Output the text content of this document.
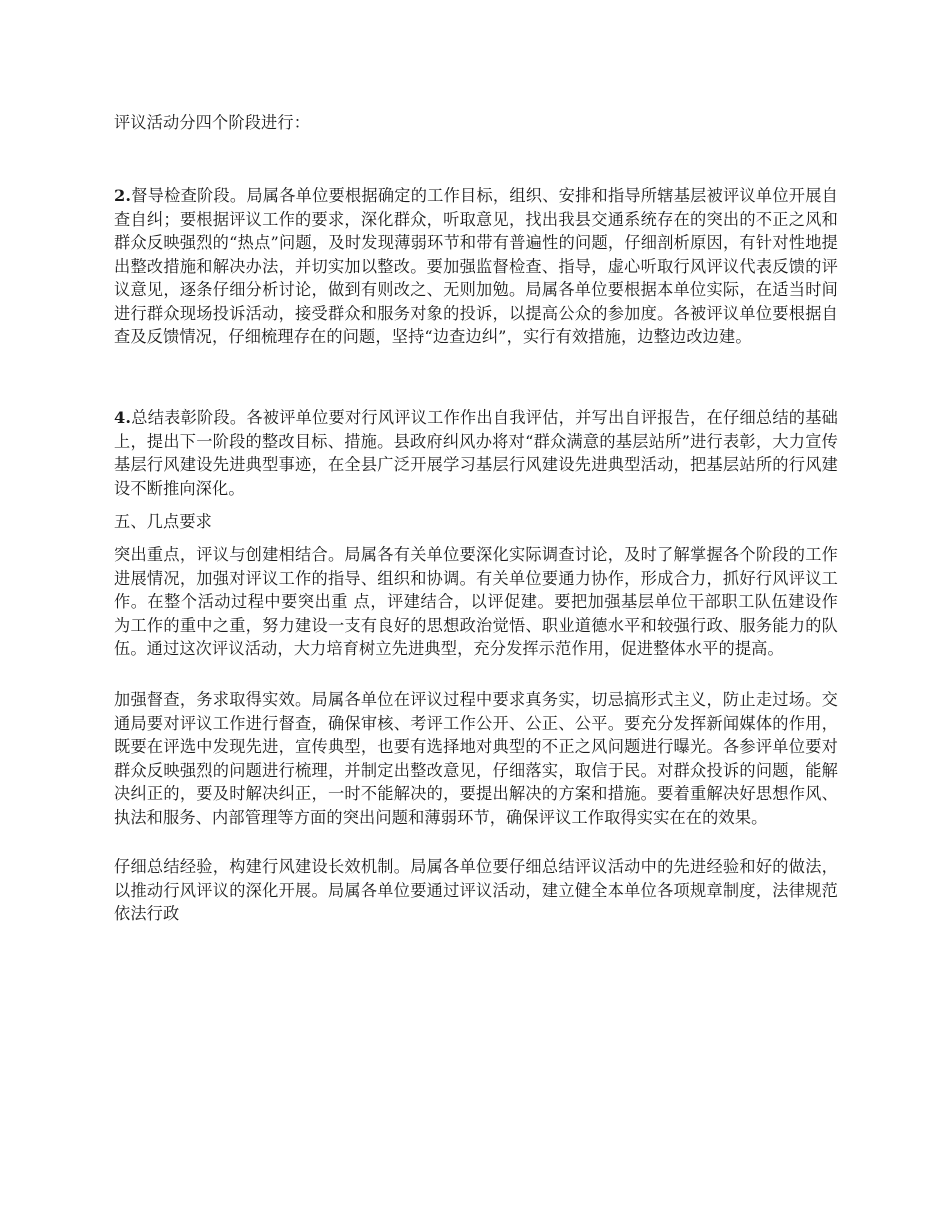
评议活动分四个阶段进行：

2.督导检查阶段。局属各单位要根据确定的工作目标，组织、安排和指导所辖基层被评议单位开展自查自纠；要根据评议工作的要求，深化群众，听取意见，找出我县交通系统存在的突出的不正之风和群众反映强烈的“热点”问题，及时发现薄弱环节和带有普遍性的问题，仔细剖析原因，有针对性地提出整改措施和解决办法，并切实加以整改。要加强监督检查、指导，虚心听取行风评议代表反馈的评议意见，逐条仔细分析讨论，做到有则改之、无则加勉。局属各单位要根据本单位实际，在适当时间进行群众现场投诉活动，接受群众和服务对象的投诉，以提高公众的参加度。各被评议单位要根据自查及反馈情况，仔细梳理存在的问题，坚持“边查边纠”，实行有效措施，边整边改边建。

4.总结表彰阶段。各被评单位要对行风评议工作作出自我评估，并写出自评报告，在仔细总结的基础上，提出下一阶段的整改目标、措施。县政府纠风办将对“群众满意的基层站所”进行表彰，大力宣传基层行风建设先进典型事迹，在全县广泛开展学习基层行风建设先进典型活动，把基层站所的行风建设不断推向深化。

五、几点要求

突出重点，评议与创建相结合。局属各有关单位要深化实际调查讨论，及时了解掌握各个阶段的工作进展情况，加强对评议工作的指导、组织和协调。有关单位要通力协作，形成合力，抓好行风评议工作。在整个活动过程中要突出重 点，评建结合，以评促建。要把加强基层单位干部职工队伍建设作为工作的重中之重，努力建设一支有良好的思想政治觉悟、职业道德水平和较强行政、服务能力的队伍。通过这次评议活动，大力培育树立先进典型，充分发挥示范作用，促进整体水平的提高。

加强督查，务求取得实效。局属各单位在评议过程中要求真务实，切忌搞形式主义，防止走过场。交通局要对评议工作进行督查，确保审核、考评工作公开、公正、公平。要充分发挥新闻媒体的作用，既要在评选中发现先进，宣传典型，也要有选择地对典型的不正之风问题进行曝光。各参评单位要对群众反映强烈的问题进行梳理，并制定出整改意见，仔细落实，取信于民。对群众投诉的问题，能解决纠正的，要及时解决纠正，一时不能解决的，要提出解决的方案和措施。要着重解决好思想作风、执法和服务、内部管理等方面的突出问题和薄弱环节，确保评议工作取得实实在在的效果。

仔细总结经验，构建行风建设长效机制。局属各单位要仔细总结评议活动中的先进经验和好的做法，以推动行风评议的深化开展。局属各单位要通过评议活动，建立健全本单位各项规章制度，法律规范依法行政
